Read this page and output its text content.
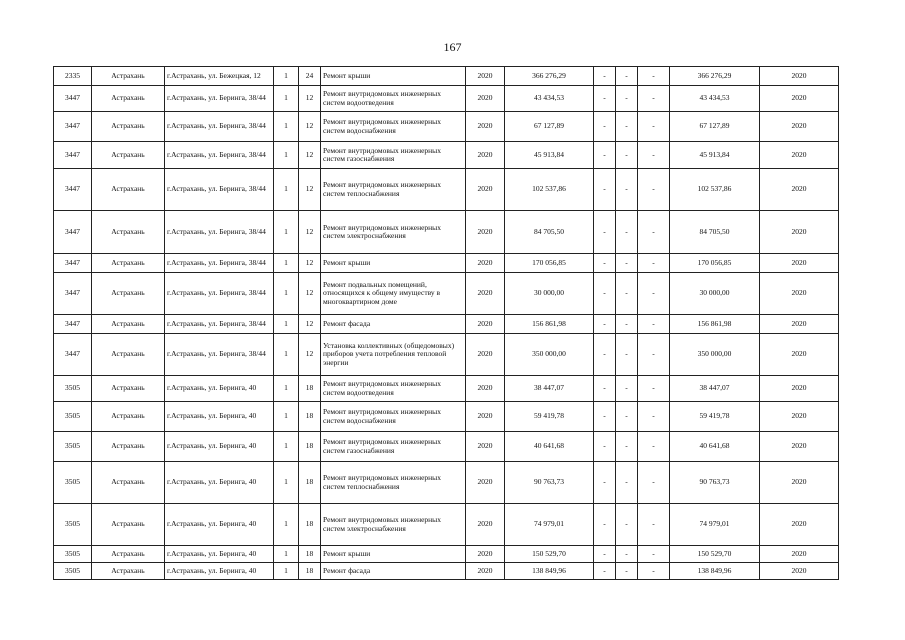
167
2335	Астрахань	г.Астрахань, ул. Бежецкая, 12	1	24	Ремонт крыши	2020	366 276,29	-	-	-	366 276,29	2020
3447	Астрахань	г.Астрахань, ул. Беринга, 38/44	1	12	Ремонт внутридомовых инженерных систем водоотведения	2020	43 434,53	-	-	-	43 434,53	2020
3447	Астрахань	г.Астрахань, ул. Беринга, 38/44	1	12	Ремонт внутридомовых инженерных систем водоснабжения	2020	67 127,89	-	-	-	67 127,89	2020
3447	Астрахань	г.Астрахань, ул. Беринга, 38/44	1	12	Ремонт внутридомовых инженерных систем газоснабжения	2020	45 913,84	-	-	-	45 913,84	2020
3447	Астрахань	г.Астрахань, ул. Беринга, 38/44	1	12	Ремонт внутридомовых инженерных систем теплоснабжения	2020	102 537,86	-	-	-	102 537,86	2020
3447	Астрахань	г.Астрахань, ул. Беринга, 38/44	1	12	Ремонт внутридомовых инженерных систем электроснабжения	2020	84 705,50	-	-	-	84 705,50	2020
3447	Астрахань	г.Астрахань, ул. Беринга, 38/44	1	12	Ремонт крыши	2020	170 056,85	-	-	-	170 056,85	2020
3447	Астрахань	г.Астрахань, ул. Беринга, 38/44	1	12	Ремонт подвальных помещений, относящихся к общему имуществу в многоквартирном доме	2020	30 000,00	-	-	-	30 000,00	2020
3447	Астрахань	г.Астрахань, ул. Беринга, 38/44	1	12	Ремонт фасада	2020	156 861,98	-	-	-	156 861,98	2020
3447	Астрахань	г.Астрахань, ул. Беринга, 38/44	1	12	Установка коллективных (общедомовых) приборов учета потребления тепловой энергии	2020	350 000,00	-	-	-	350 000,00	2020
3505	Астрахань	г.Астрахань, ул. Беринга, 40	1	18	Ремонт внутридомовых инженерных систем водоотведения	2020	38 447,07	-	-	-	38 447,07	2020
3505	Астрахань	г.Астрахань, ул. Беринга, 40	1	18	Ремонт внутридомовых инженерных систем водоснабжения	2020	59 419,78	-	-	-	59 419,78	2020
3505	Астрахань	г.Астрахань, ул. Беринга, 40	1	18	Ремонт внутридомовых инженерных систем газоснабжения	2020	40 641,68	-	-	-	40 641,68	2020
3505	Астрахань	г.Астрахань, ул. Беринга, 40	1	18	Ремонт внутридомовых инженерных систем теплоснабжения	2020	90 763,73	-	-	-	90 763,73	2020
3505	Астрахань	г.Астрахань, ул. Беринга, 40	1	18	Ремонт внутридомовых инженерных систем электроснабжения	2020	74 979,01	-	-	-	74 979,01	2020
3505	Астрахань	г.Астрахань, ул. Беринга, 40	1	18	Ремонт крыши	2020	150 529,70	-	-	-	150 529,70	2020
3505	Астрахань	г.Астрахань, ул. Беринга, 40	1	18	Ремонт фасада	2020	138 849,96	-	-	-	138 849,96	2020
